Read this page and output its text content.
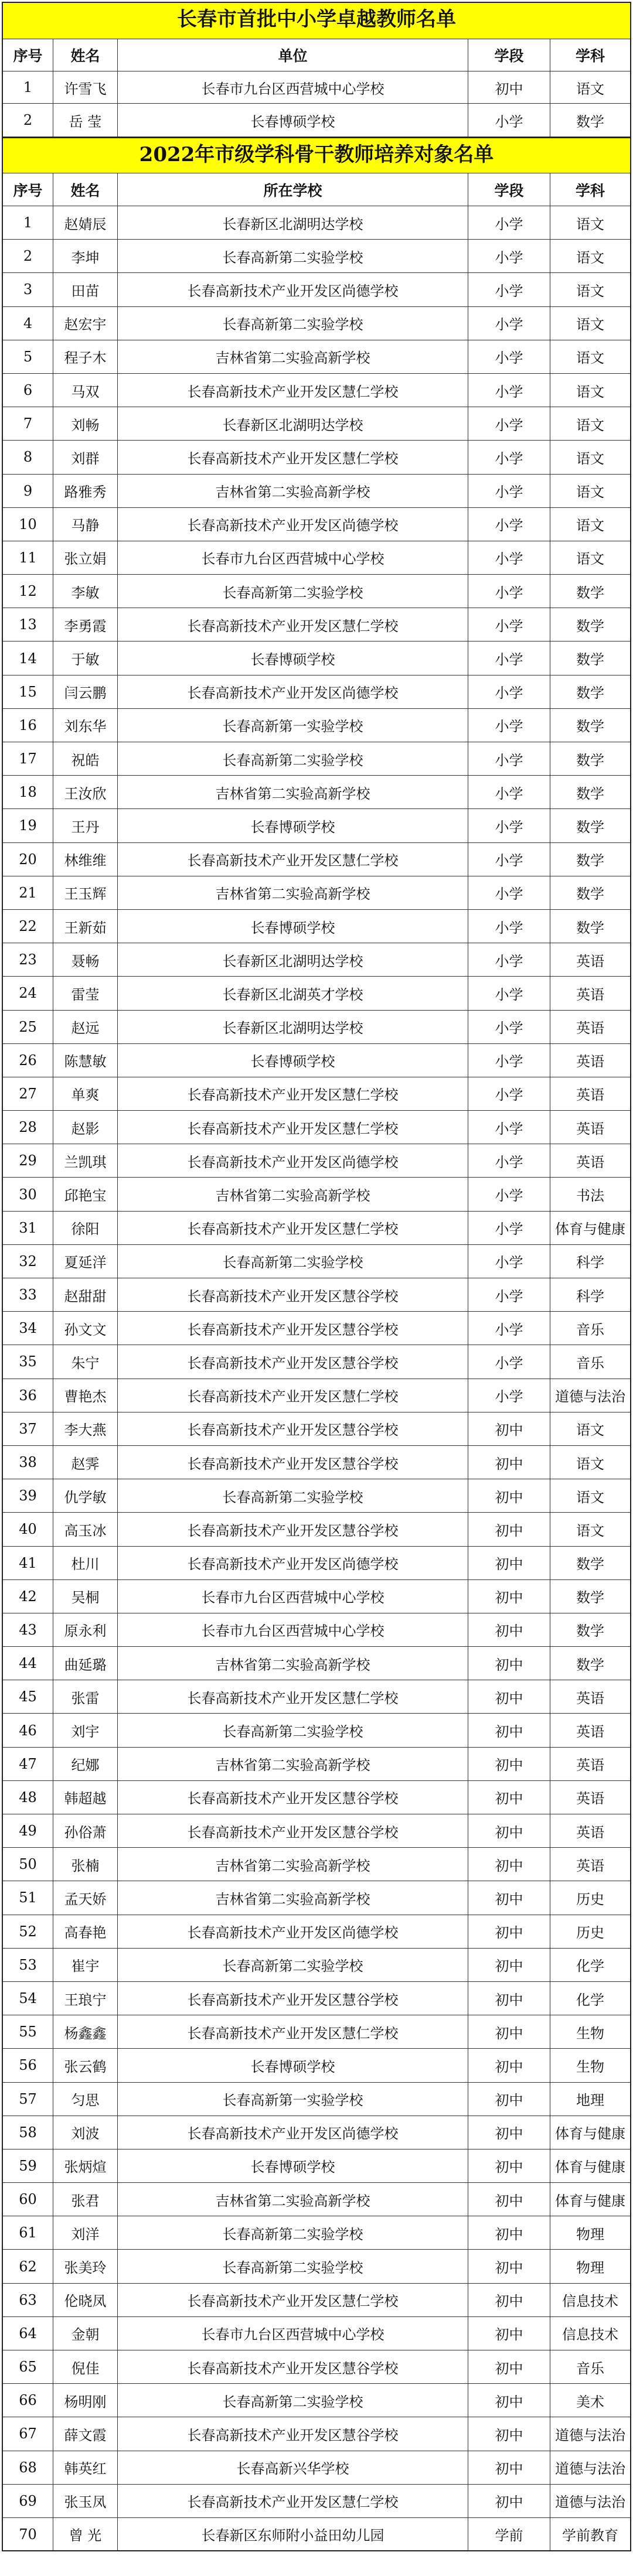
长春市首批中小学卓越教师名单
序号	姓名	单位	学段	学科
1	许雪飞	长春市九台区西营城中心学校	初中	语文
2	岳 莹	长春博硕学校	小学	数学
2022年市级学科骨干教师培养对象名单
序号	姓名	所在学校	学段	学科
1	赵婧辰	长春新区北湖明达学校	小学	语文
2	李坤	长春高新第二实验学校	小学	语文
3	田苗	长春高新技术产业开发区尚德学校	小学	语文
4	赵宏宇	长春高新第二实验学校	小学	语文
5	程子木	吉林省第二实验高新学校	小学	语文
6	马双	长春高新技术产业开发区慧仁学校	小学	语文
7	刘畅	长春新区北湖明达学校	小学	语文
8	刘群	长春高新技术产业开发区慧仁学校	小学	语文
9	路雅秀	吉林省第二实验高新学校	小学	语文
10	马静	长春高新技术产业开发区尚德学校	小学	语文
11	张立娟	长春市九台区西营城中心学校	小学	语文
12	李敏	长春高新第二实验学校	小学	数学
13	李勇霞	长春高新技术产业开发区慧仁学校	小学	数学
14	于敏	长春博硕学校	小学	数学
15	闫云鹏	长春高新技术产业开发区尚德学校	小学	数学
16	刘东华	长春高新第一实验学校	小学	数学
17	祝皓	长春高新第二实验学校	小学	数学
18	王汝欣	吉林省第二实验高新学校	小学	数学
19	王丹	长春博硕学校	小学	数学
20	林维维	长春高新技术产业开发区慧仁学校	小学	数学
21	王玉辉	吉林省第二实验高新学校	小学	数学
22	王新茹	长春博硕学校	小学	数学
23	聂畅	长春新区北湖明达学校	小学	英语
24	雷莹	长春新区北湖英才学校	小学	英语
25	赵远	长春新区北湖明达学校	小学	英语
26	陈慧敏	长春博硕学校	小学	英语
27	单爽	长春高新技术产业开发区慧仁学校	小学	英语
28	赵影	长春高新技术产业开发区慧仁学校	小学	英语
29	兰凯琪	长春高新技术产业开发区尚德学校	小学	英语
30	邱艳宝	吉林省第二实验高新学校	小学	书法
31	徐阳	长春高新技术产业开发区慧仁学校	小学	体育与健康
32	夏延洋	长春高新第二实验学校	小学	科学
33	赵甜甜	长春高新技术产业开发区慧谷学校	小学	科学
34	孙文文	长春高新技术产业开发区慧谷学校	小学	音乐
35	朱宁	长春高新技术产业开发区慧谷学校	小学	音乐
36	曹艳杰	长春高新技术产业开发区慧仁学校	小学	道德与法治
37	李大燕	长春高新技术产业开发区慧谷学校	初中	语文
38	赵霁	长春高新技术产业开发区慧谷学校	初中	语文
39	仇学敏	长春高新第二实验学校	初中	语文
40	高玉冰	长春高新技术产业开发区慧谷学校	初中	语文
41	杜川	长春高新技术产业开发区尚德学校	初中	数学
42	吴桐	长春市九台区西营城中心学校	初中	数学
43	原永利	长春市九台区西营城中心学校	初中	数学
44	曲延璐	吉林省第二实验高新学校	初中	数学
45	张雷	长春高新技术产业开发区慧仁学校	初中	英语
46	刘宇	长春高新第二实验学校	初中	英语
47	纪娜	吉林省第二实验高新学校	初中	英语
48	韩超越	长春高新技术产业开发区慧谷学校	初中	英语
49	孙俗萧	长春高新技术产业开发区慧谷学校	初中	英语
50	张楠	吉林省第二实验高新学校	初中	英语
51	孟天娇	吉林省第二实验高新学校	初中	历史
52	高春艳	长春高新技术产业开发区尚德学校	初中	历史
53	崔宇	长春高新第二实验学校	初中	化学
54	王琅宁	长春高新技术产业开发区慧谷学校	初中	化学
55	杨鑫鑫	长春高新技术产业开发区慧仁学校	初中	生物
56	张云鹤	长春博硕学校	初中	生物
57	匀思	长春高新第一实验学校	初中	地理
58	刘波	长春高新技术产业开发区尚德学校	初中	体育与健康
59	张炳煊	长春博硕学校	初中	体育与健康
60	张君	吉林省第二实验高新学校	初中	体育与健康
61	刘洋	长春高新第二实验学校	初中	物理
62	张美玲	长春高新第二实验学校	初中	物理
63	伦晓凤	长春高新技术产业开发区慧仁学校	初中	信息技术
64	金朝	长春市九台区西营城中心学校	初中	信息技术
65	倪佳	长春高新技术产业开发区慧谷学校	初中	音乐
66	杨明刚	长春高新第二实验学校	初中	美术
67	薛文霞	长春高新技术产业开发区慧谷学校	初中	道德与法治
68	韩英红	长春高新兴华学校	初中	道德与法治
69	张玉凤	长春高新技术产业开发区慧仁学校	初中	道德与法治
70	曾 光	长春新区东师附小益田幼儿园	学前	学前教育
